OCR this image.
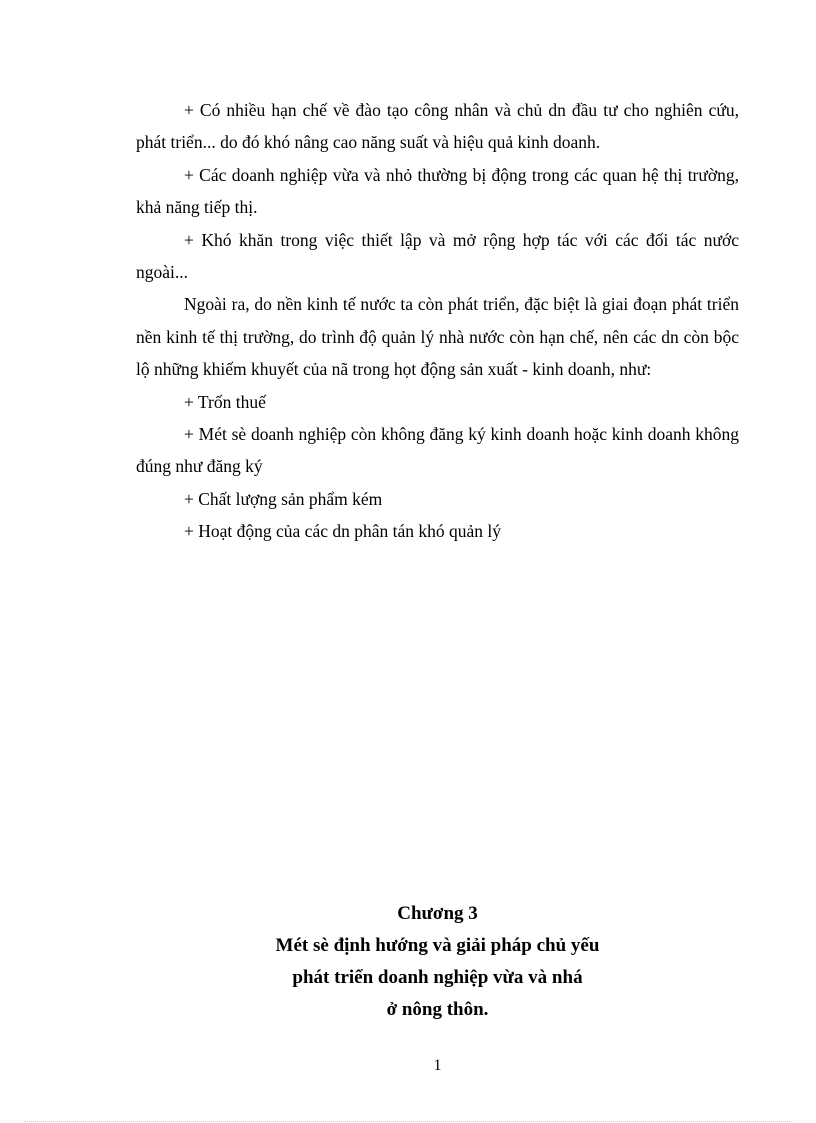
+ Có nhiều hạn chế về đào tạo công nhân và chủ dn đầu tư cho nghiên cứu, phát triển... do đó khó nâng cao năng suất và hiệu quả kinh doanh.

+ Các doanh nghiệp vừa và nhỏ thường bị động trong các quan hệ thị trường, khả năng tiếp thị.

+ Khó khăn trong việc thiết lập và mở rộng hợp tác với các đối tác nước ngoài...

Ngoài ra, do nền kinh tế nước ta còn phát triển, đặc biệt là giai đoạn phát triển nền kinh tế thị trường, do trình độ quản lý nhà nước còn hạn chế, nên các dn còn bộc lộ những khiếm khuyết của nã trong họt động sản xuất - kinh doanh, như:

+ Trốn thuế

+ Mét sè doanh nghiệp còn không đăng ký kinh doanh hoặc kinh doanh không đúng như đăng ký

+ Chất lượng sản phẩm kém

+ Hoạt động của các dn phân tán khó quản lý

Chương 3
Mét sè định hướng và giải pháp chủ yếu
phát triển doanh nghiệp vừa và nhá
ở nông thôn.
1
